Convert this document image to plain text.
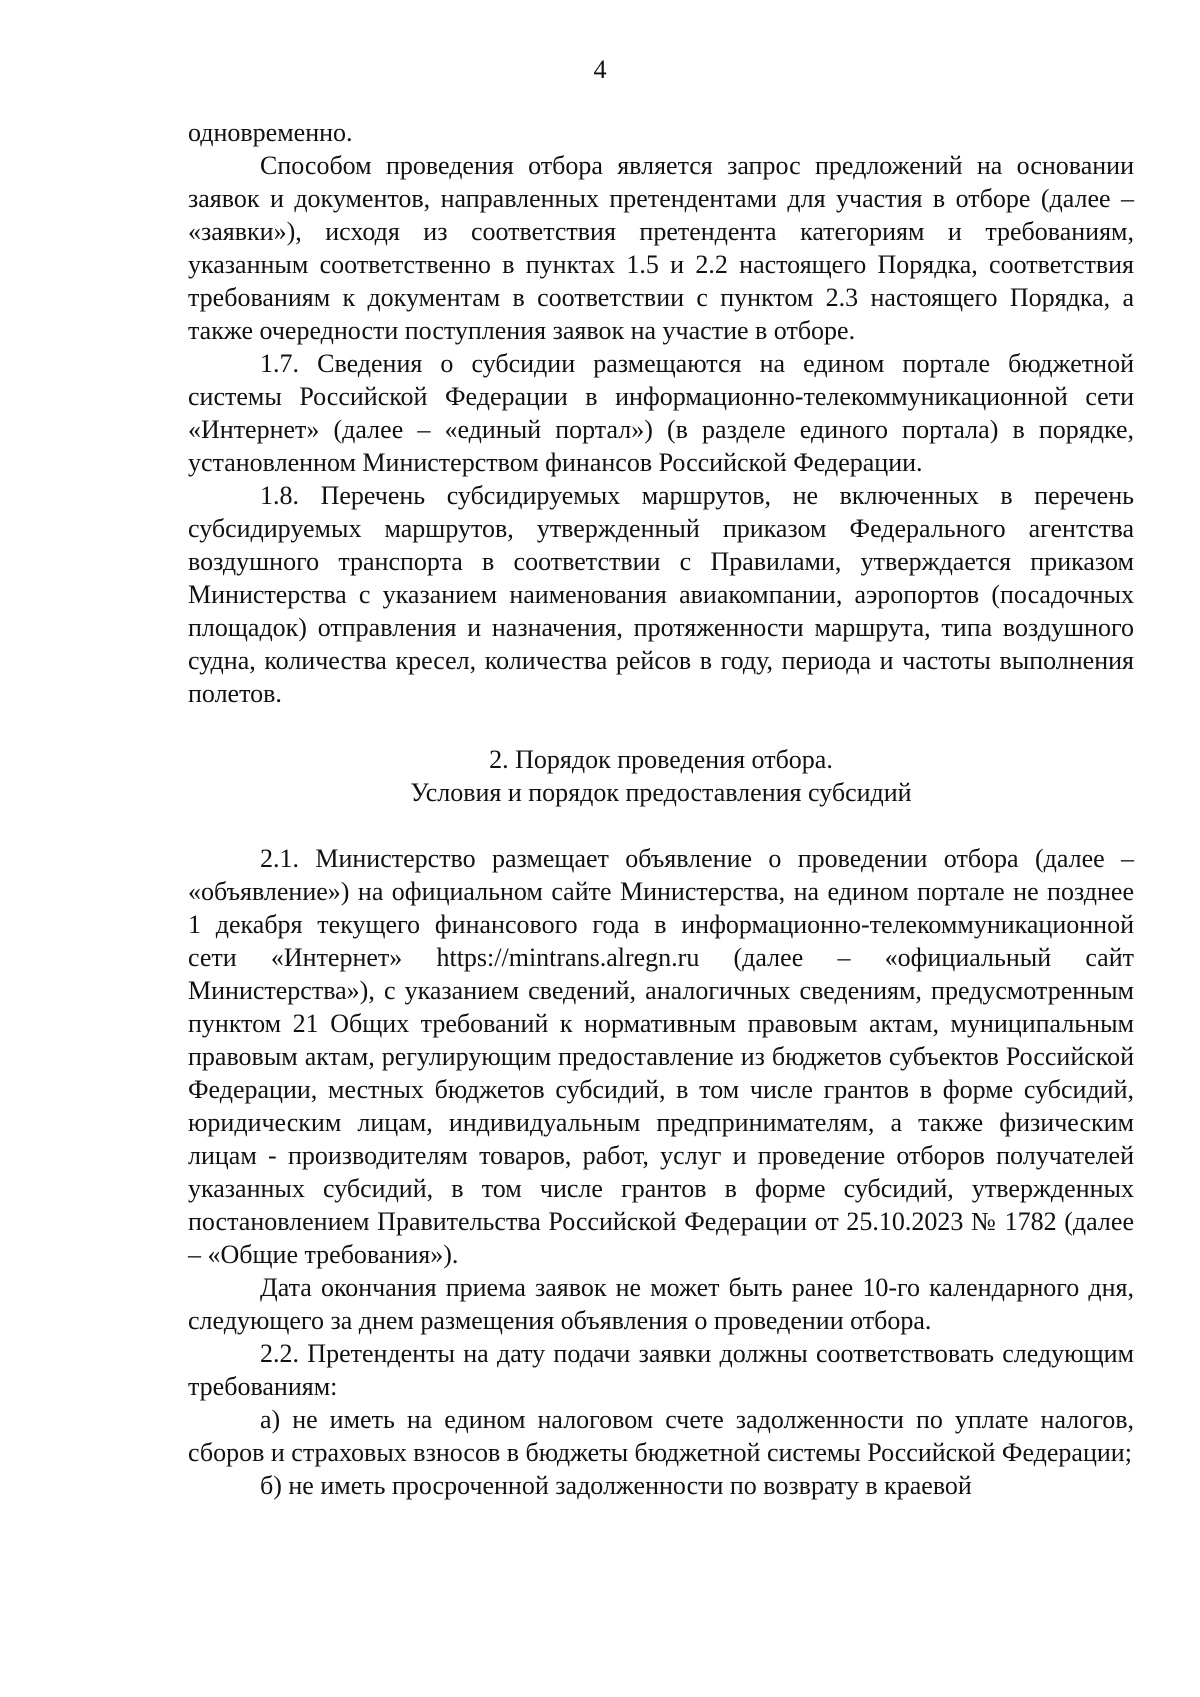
4

одновременно.

Способом проведения отбора является запрос предложений на основании заявок и документов, направленных претендентами для участия в отборе (далее – «заявки»), исходя из соответствия претендента категориям и требованиям, указанным соответственно в пунктах 1.5 и 2.2 настоящего Порядка, соответствия требованиям к документам в соответствии с пунктом 2.3 настоящего Порядка, а также очередности поступления заявок на участие в отборе.

1.7. Сведения о субсидии размещаются на едином портале бюджетной системы Российской Федерации в информационно-телекоммуникационной сети «Интернет» (далее – «единый портал») (в разделе единого портала) в порядке, установленном Министерством финансов Российской Федерации.

1.8. Перечень субсидируемых маршрутов, не включенных в перечень субсидируемых маршрутов, утвержденный приказом Федерального агентства воздушного транспорта в соответствии с Правилами, утверждается приказом Министерства с указанием наименования авиакомпании, аэропортов (посадочных площадок) отправления и назначения, протяженности маршрута, типа воздушного судна, количества кресел, количества рейсов в году, периода и частоты выполнения полетов.

2. Порядок проведения отбора.
Условия и порядок предоставления субсидий

2.1. Министерство размещает объявление о проведении отбора (далее – «объявление») на официальном сайте Министерства, на едином портале не позднее 1 декабря текущего финансового года в информационно-телекоммуникационной сети «Интернет» https://mintrans.alregn.ru (далее – «официальный сайт Министерства»), с указанием сведений, аналогичных сведениям, предусмотренным пунктом 21 Общих требований к нормативным правовым актам, муниципальным правовым актам, регулирующим предоставление из бюджетов субъектов Российской Федерации, местных бюджетов субсидий, в том числе грантов в форме субсидий, юридическим лицам, индивидуальным предпринимателям, а также физическим лицам - производителям товаров, работ, услуг и проведение отборов получателей указанных субсидий, в том числе грантов в форме субсидий, утвержденных постановлением Правительства Российской Федерации от 25.10.2023 № 1782 (далее – «Общие требования»).

Дата окончания приема заявок не может быть ранее 10-го календарного дня, следующего за днем размещения объявления о проведении отбора.

2.2. Претенденты на дату подачи заявки должны соответствовать следующим требованиям:

а) не иметь на едином налоговом счете задолженности по уплате налогов, сборов и страховых взносов в бюджеты бюджетной системы Российской Федерации;

б) не иметь просроченной задолженности по возврату в краевой
